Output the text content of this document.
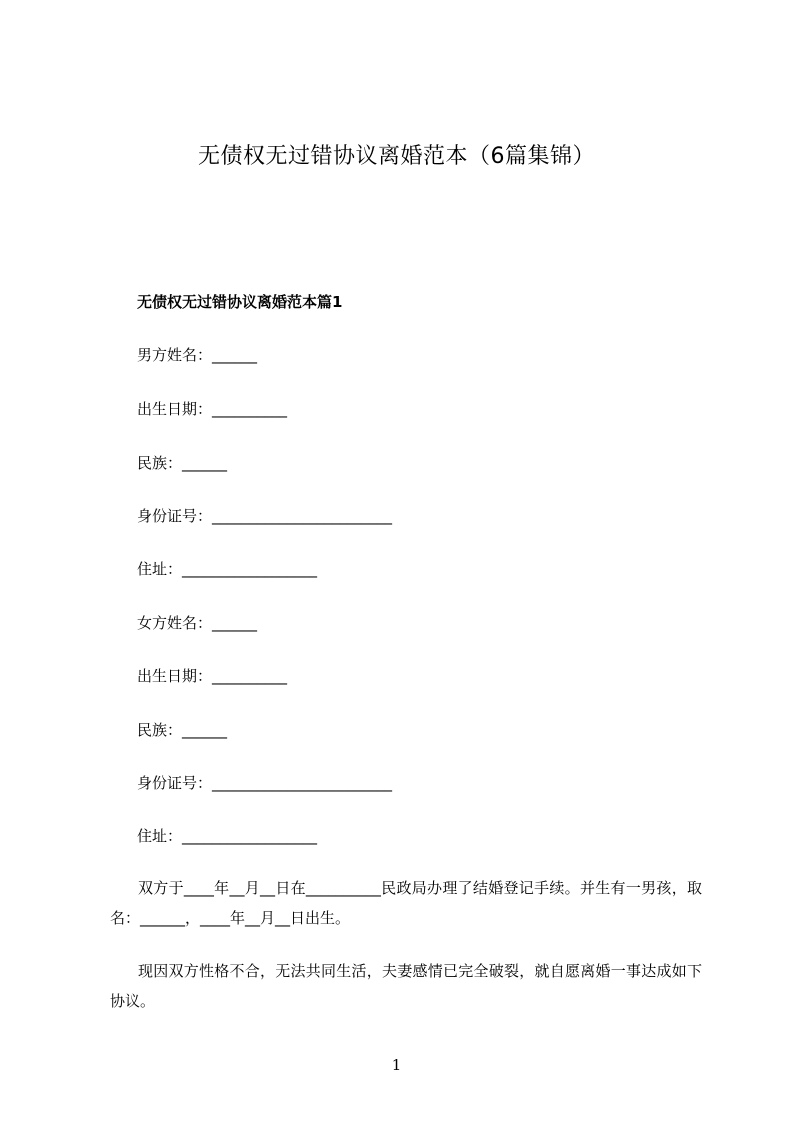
无债权无过错协议离婚范本（6篇集锦）
无债权无过错协议离婚范本篇1
男方姓名：______
出生日期：__________
民族：______
身份证号：________________________
住址：__________________
女方姓名：______
出生日期：__________
民族：______
身份证号：________________________
住址：__________________
双方于____年__月__日在__________民政局办理了结婚登记手续。并生有一男孩，取名：______，____年__月__日出生。
现因双方性格不合，无法共同生活，夫妻感情已完全破裂，就自愿离婚一事达成如下协议。
1
